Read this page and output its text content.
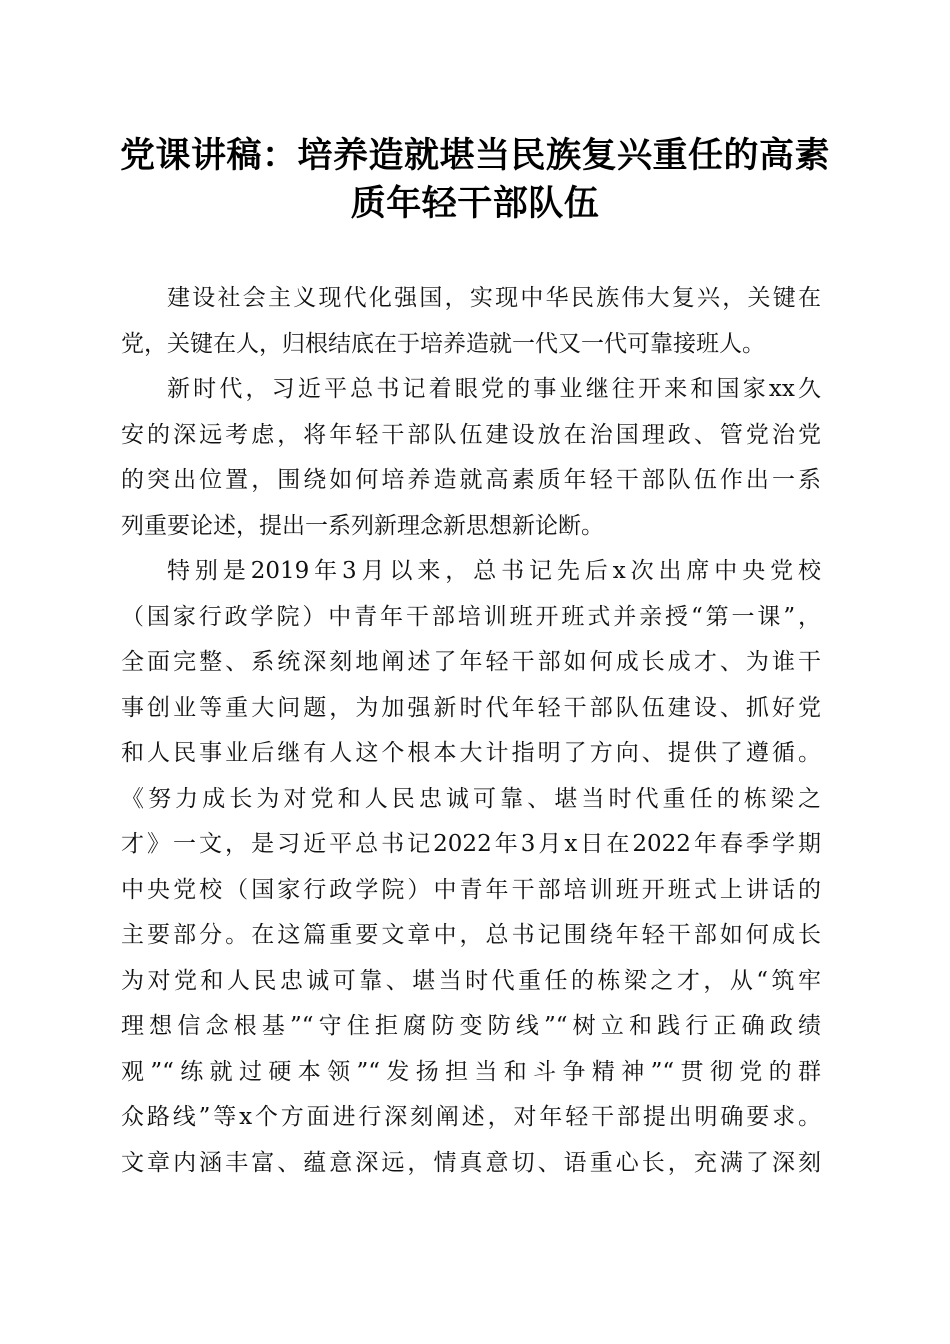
党课讲稿：培养造就堪当民族复兴重任的高素
质年轻干部队伍
建设社会主义现代化强国，实现中华民族伟大复兴，关键在
党，关键在人，归根结底在于培养造就一代又一代可靠接班人。
新时代，习近平总书记着眼党的事业继往开来和国家xx久
安的深远考虑，将年轻干部队伍建设放在治国理政、管党治党
的突出位置，围绕如何培养造就高素质年轻干部队伍作出一系
列重要论述，提出一系列新理念新思想新论断。
特别是2019年3月以来，总书记先后x次出席中央党校
（国家行政学院）中青年干部培训班开班式并亲授“第一课”，
全面完整、系统深刻地阐述了年轻干部如何成长成才、为谁干
事创业等重大问题，为加强新时代年轻干部队伍建设、抓好党
和人民事业后继有人这个根本大计指明了方向、提供了遵循。
《努力成长为对党和人民忠诚可靠、堪当时代重任的栋梁之
才》一文，是习近平总书记2022年3月x日在2022年春季学期
中央党校（国家行政学院）中青年干部培训班开班式上讲话的
主要部分。在这篇重要文章中，总书记围绕年轻干部如何成长
为对党和人民忠诚可靠、堪当时代重任的栋梁之才，从“筑牢
理想信念根基”“守住拒腐防变防线”“树立和践行正确政绩
观”“练就过硬本领”“发扬担当和斗争精神”“贯彻党的群
众路线”等x个方面进行深刻阐述，对年轻干部提出明确要求。
文章内涵丰富、蕴意深远，情真意切、语重心长，充满了深刻
